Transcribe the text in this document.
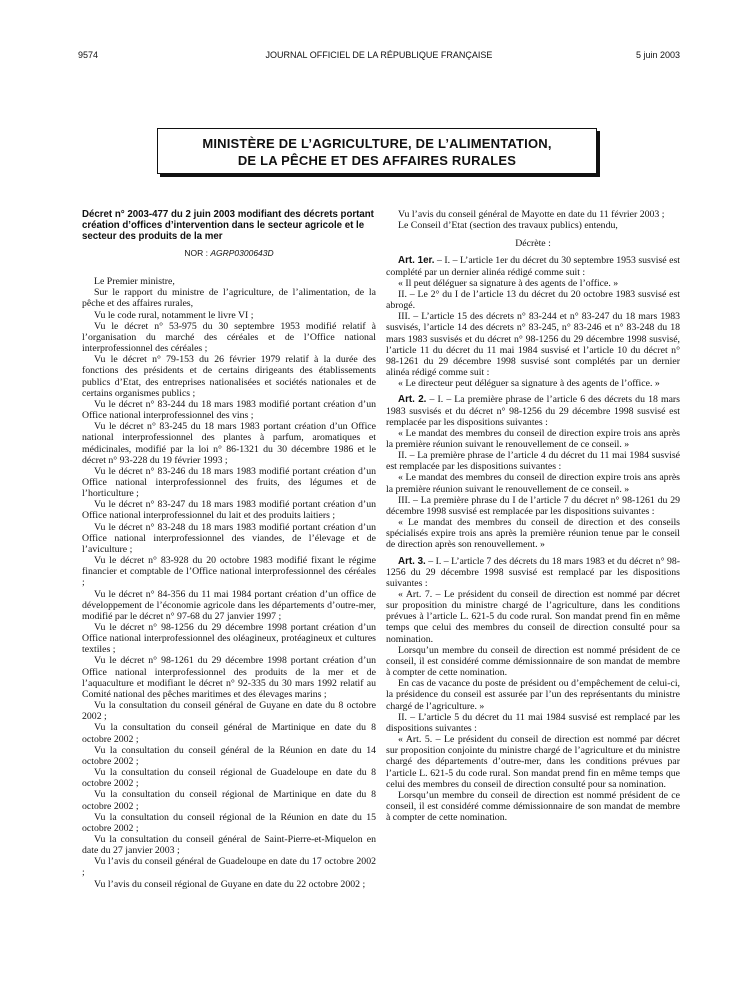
9574	JOURNAL OFFICIEL DE LA RÉPUBLIQUE FRANÇAISE	5 juin 2003
MINISTÈRE DE L’AGRICULTURE, DE L’ALIMENTATION,
DE LA PÊCHE ET DES AFFAIRES RURALES

Décret n° 2003-477 du 2 juin 2003 modifiant des décrets portant création d’offices d’intervention dans le secteur agricole et le secteur des produits de la mer

NOR : AGRP0300643D

Le Premier ministre,

Sur le rapport du ministre de l’agriculture, de l’alimentation, de la pêche et des affaires rurales,

Vu le code rural, notamment le livre VI ;

Vu le décret n° 53-975 du 30 septembre 1953 modifié relatif à l’organisation du marché des céréales et de l’Office national interprofessionnel des céréales ;

Vu le décret n° 79-153 du 26 février 1979 relatif à la durée des fonctions des présidents et de certains dirigeants des établissements publics d’Etat, des entreprises nationalisées et sociétés nationales et de certains organismes publics ;

Vu le décret n° 83-244 du 18 mars 1983 modifié portant création d’un Office national interprofessionnel des vins ;

Vu le décret n° 83-245 du 18 mars 1983 portant création d’un Office national interprofessionnel des plantes à parfum, aromatiques et médicinales, modifié par la loi n° 86-1321 du 30 décembre 1986 et le décret n° 93-228 du 19 février 1993 ;

Vu le décret n° 83-246 du 18 mars 1983 modifié portant création d’un Office national interprofessionnel des fruits, des légumes et de l’horticulture ;

Vu le décret n° 83-247 du 18 mars 1983 modifié portant création d’un Office national interprofessionnel du lait et des produits laitiers ;

Vu le décret n° 83-248 du 18 mars 1983 modifié portant création d’un Office national interprofessionnel des viandes, de l’élevage et de l’aviculture ;

Vu le décret n° 83-928 du 20 octobre 1983 modifié fixant le régime financier et comptable de l’Office national interprofessionnel des céréales ;

Vu le décret n° 84-356 du 11 mai 1984 portant création d’un office de développement de l’économie agricole dans les départements d’outre-mer, modifié par le décret n° 97-68 du 27 janvier 1997 ;

Vu le décret n° 98-1256 du 29 décembre 1998 portant création d’un Office national interprofessionnel des oléagineux, protéagineux et cultures textiles ;

Vu le décret n° 98-1261 du 29 décembre 1998 portant création d’un Office national interprofessionnel des produits de la mer et de l’aquaculture et modifiant le décret n° 92-335 du 30 mars 1992 relatif au Comité national des pêches maritimes et des élevages marins ;

Vu la consultation du conseil général de Guyane en date du 8 octobre 2002 ;

Vu la consultation du conseil général de Martinique en date du 8 octobre 2002 ;

Vu la consultation du conseil général de la Réunion en date du 14 octobre 2002 ;

Vu la consultation du conseil régional de Guadeloupe en date du 8 octobre 2002 ;

Vu la consultation du conseil régional de Martinique en date du 8 octobre 2002 ;

Vu la consultation du conseil régional de la Réunion en date du 15 octobre 2002 ;

Vu la consultation du conseil général de Saint-Pierre-et-Miquelon en date du 27 janvier 2003 ;

Vu l’avis du conseil général de Guadeloupe en date du 17 octobre 2002 ;

Vu l’avis du conseil régional de Guyane en date du 22 octobre 2002 ;

Vu l’avis du conseil général de Mayotte en date du 11 février 2003 ;

Le Conseil d’Etat (section des travaux publics) entendu,

Décrète :

Art. 1er. – I. – L’article 1er du décret du 30 septembre 1953 susvisé est complété par un dernier alinéa rédigé comme suit :

« Il peut déléguer sa signature à des agents de l’office. »

II. – Le 2° du I de l’article 13 du décret du 20 octobre 1983 susvisé est abrogé.

III. – L’article 15 des décrets n° 83-244 et n° 83-247 du 18 mars 1983 susvisés, l’article 14 des décrets n° 83-245, n° 83-246 et n° 83-248 du 18 mars 1983 susvisés et du décret n° 98-1256 du 29 décembre 1998 susvisé, l’article 11 du décret du 11 mai 1984 susvisé et l’article 10 du décret n° 98-1261 du 29 décembre 1998 susvisé sont complétés par un dernier alinéa rédigé comme suit :

« Le directeur peut déléguer sa signature à des agents de l’office. »

Art. 2. – I. – La première phrase de l’article 6 des décrets du 18 mars 1983 susvisés et du décret n° 98-1256 du 29 décembre 1998 susvisé est remplacée par les dispositions suivantes :

« Le mandat des membres du conseil de direction expire trois ans après la première réunion suivant le renouvellement de ce conseil. »

II. – La première phrase de l’article 4 du décret du 11 mai 1984 susvisé est remplacée par les dispositions suivantes :

« Le mandat des membres du conseil de direction expire trois ans après la première réunion suivant le renouvellement de ce conseil. »

III. – La première phrase du I de l’article 7 du décret n° 98-1261 du 29 décembre 1998 susvisé est remplacée par les dispositions suivantes :

« Le mandat des membres du conseil de direction et des conseils spécialisés expire trois ans après la première réunion tenue par le conseil de direction après son renouvellement. »

Art. 3. – I. – L’article 7 des décrets du 18 mars 1983 et du décret n° 98-1256 du 29 décembre 1998 susvisé est remplacé par les dispositions suivantes :

« Art. 7. – Le président du conseil de direction est nommé par décret sur proposition du ministre chargé de l’agriculture, dans les conditions prévues à l’article L. 621-5 du code rural. Son mandat prend fin en même temps que celui des membres du conseil de direction consulté pour sa nomination.

Lorsqu’un membre du conseil de direction est nommé président de ce conseil, il est considéré comme démissionnaire de son mandat de membre à compter de cette nomination.

En cas de vacance du poste de président ou d’empêchement de celui-ci, la présidence du conseil est assurée par l’un des représentants du ministre chargé de l’agriculture. »

II. – L’article 5 du décret du 11 mai 1984 susvisé est remplacé par les dispositions suivantes :

« Art. 5. – Le président du conseil de direction est nommé par décret sur proposition conjointe du ministre chargé de l’agriculture et du ministre chargé des départements d’outre-mer, dans les conditions prévues par l’article L. 621-5 du code rural. Son mandat prend fin en même temps que celui des membres du conseil de direction consulté pour sa nomination.

Lorsqu’un membre du conseil de direction est nommé président de ce conseil, il est considéré comme démissionnaire de son mandat de membre à compter de cette nomination.
